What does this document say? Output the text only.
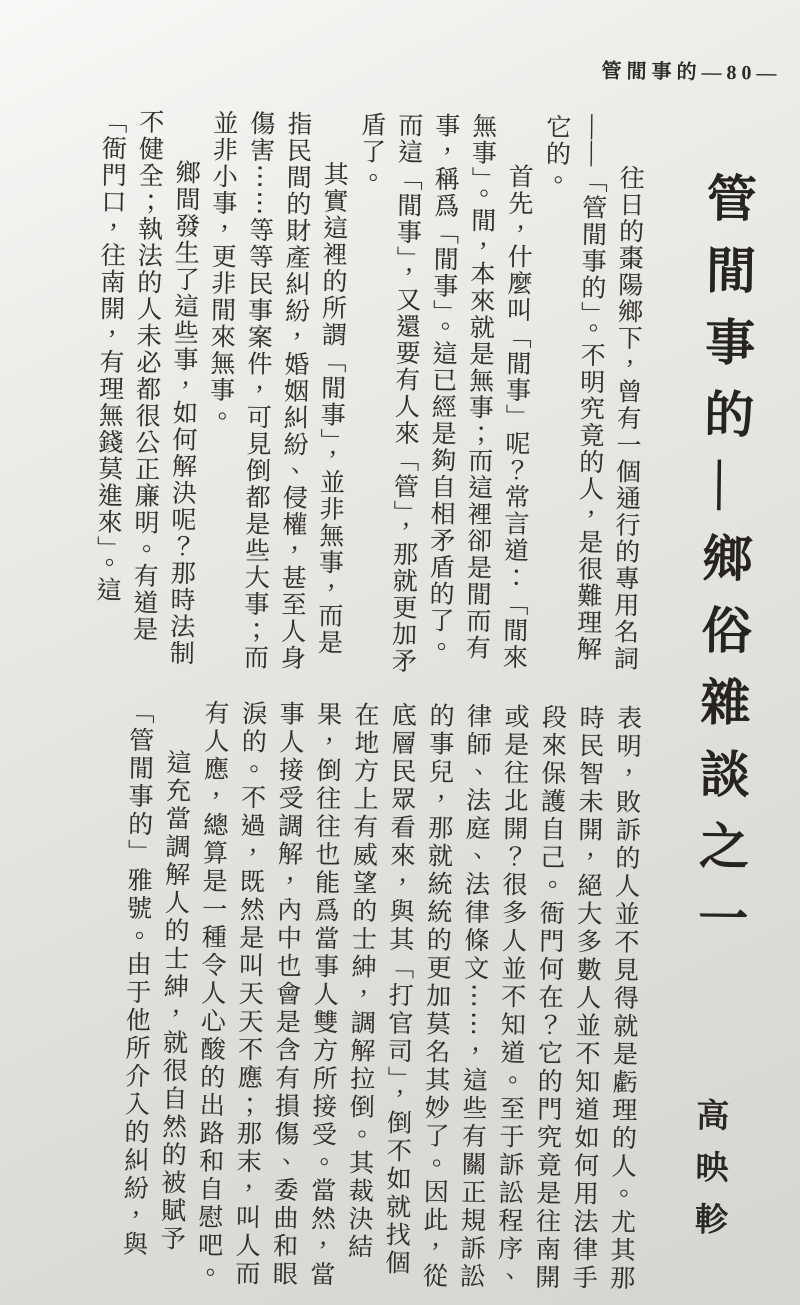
管閒事的—80—

往日的棗陽鄉下，曾有一個通行的專用名詞——「管閒事的」。不明究竟的人，是很難理解它的。

首先，什麼叫「閒事」呢？常言道：「閒來無事」。閒，本來就是無事；而這裡卻是閒而有事，稱爲「閒事」。這已經是夠自相矛盾的了。而這「閒事」，又還要有人來「管」，那就更加矛盾了。

其實這裡的所謂「閒事」，並非無事，而是指民間的財產糾紛，婚姻糾紛、侵權，甚至人身傷害⋯⋯等等民事案件，可見倒都是些大事；而並非小事，更非閒來無事。

鄉間發生了這些事，如何解決呢？那時法制不健全；執法的人未必都很公正廉明。有道是「衙門口，往南開，有理無錢莫進來」。這

表明，敗訴的人並不見得就是虧理的人。尤其那時民智未開，絕大多數人並不知道如何用法律手段來保護自己。衙門何在？它的門究竟是往南開或是往北開？很多人並不知道。至于訴訟程序、律師、法庭、法律條文⋯⋯，這些有關正規訴訟的事兒，那就統統的更加莫名其妙了。因此，從底層民眾看來，與其「打官司」，倒不如就找個在地方上有威望的士紳，調解拉倒。其裁決結果，倒往往也能爲當事人雙方所接受。當然，當事人接受調解，內中也會是含有損傷、委曲和眼淚的。不過，既然是叫天天不應；那末，叫人而有人應，總算是一種令人心酸的出路和自慰吧。

這充當調解人的士紳，就很自然的被賦予「管閒事的」雅號。由于他所介入的糾紛，與

管閒事的—鄉俗雜談之一
高映軫
